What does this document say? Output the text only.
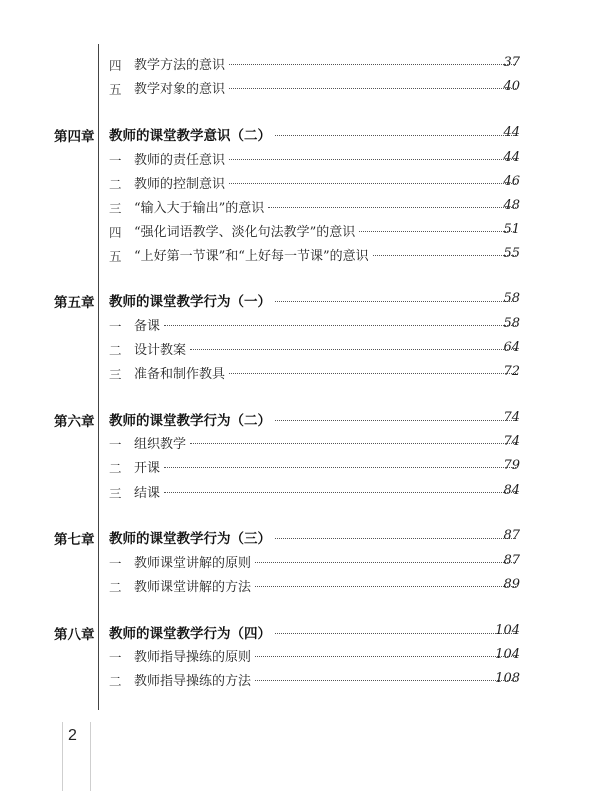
四 教学方法的意识	37
五 教学对象的意识	40
第四章 教师的课堂教学意识（二）	44
一 教师的责任意识	44
二 教师的控制意识	46
三 “输入大于输出”的意识	48
四 “强化词语教学、淡化句法教学”的意识	51
五 “上好第一节课”和“上好每一节课”的意识	55
第五章 教师的课堂教学行为（一）	58
一 备课	58
二 设计教案	64
三 准备和制作教具	72
第六章 教师的课堂教学行为（二）	74
一 组织教学	74
二 开课	79
三 结课	84
第七章 教师的课堂教学行为（三）	87
一 教师课堂讲解的原则	87
二 教师课堂讲解的方法	89
第八章 教师的课堂教学行为（四）	104
一 教师指导操练的原则	104
二 教师指导操练的方法	108
2
